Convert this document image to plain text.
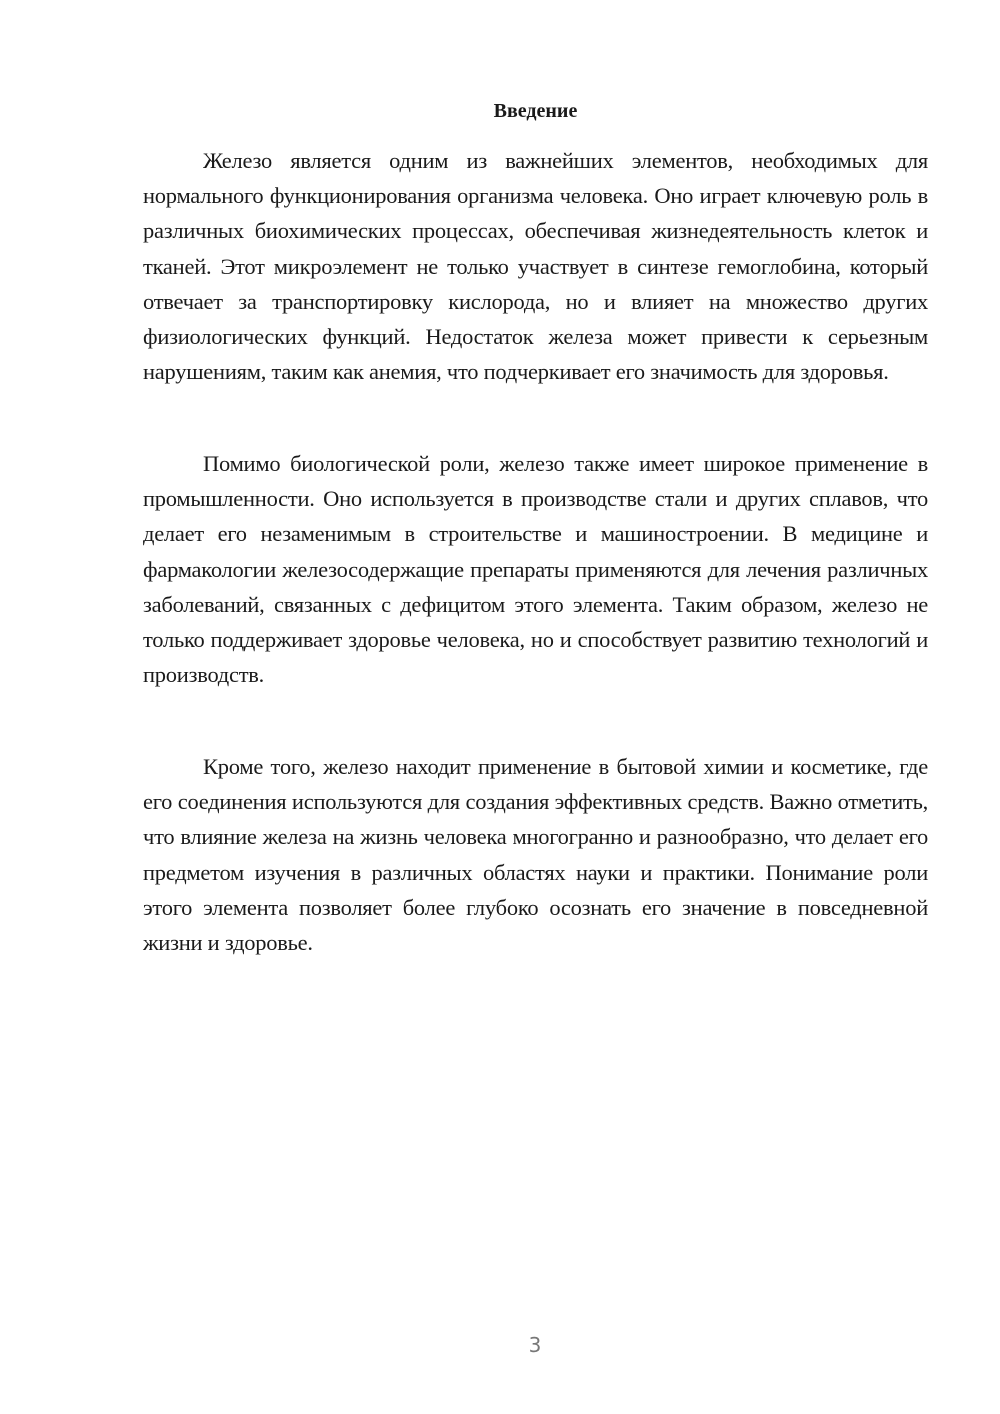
Введение

Железо является одним из важнейших элементов, необходимых для нормального функционирования организма человека. Оно играет ключевую роль в различных биохимических процессах, обеспечивая жизнедеятельность клеток и тканей. Этот микроэлемент не только участвует в синтезе гемоглобина, который отвечает за транспортировку кислорода, но и влияет на множество других физиологических функций. Недостаток железа может привести к серьезным нарушениям, таким как анемия, что подчеркивает его значимость для здоровья.

Помимо биологической роли, железо также имеет широкое применение в промышленности. Оно используется в производстве стали и других сплавов, что делает его незаменимым в строительстве и машиностроении. В медицине и фармакологии железосодержащие препараты применяются для лечения различных заболеваний, связанных с дефицитом этого элемента. Таким образом, железо не только поддерживает здоровье человека, но и способствует развитию технологий и производств.

Кроме того, железо находит применение в бытовой химии и косметике, где его соединения используются для создания эффективных средств. Важно отметить, что влияние железа на жизнь человека многогранно и разнообразно, что делает его предметом изучения в различных областях науки и практики. Понимание роли этого элемента позволяет более глубоко осознать его значение в повседневной жизни и здоровье.

3
